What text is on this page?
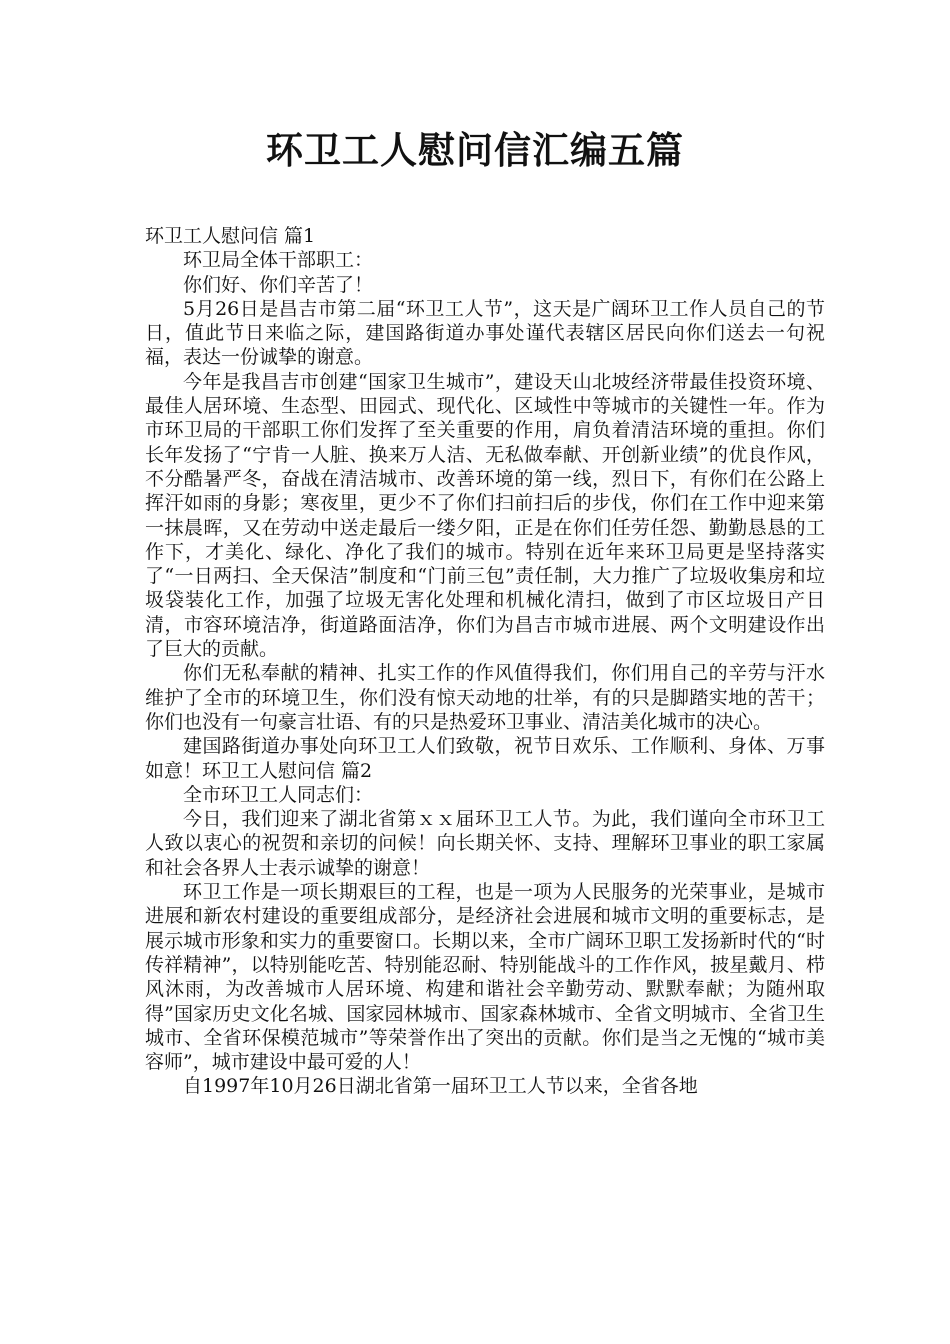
环卫工人慰问信汇编五篇

环卫工人慰问信 篇1

环卫局全体干部职工：

你们好、你们辛苦了！

5月26日是昌吉市第二届“环卫工人节”，这天是广阔环卫工作人员自己的节日，值此节日来临之际，建国路街道办事处谨代表辖区居民向你们送去一句祝福，表达一份诚挚的谢意。

今年是我昌吉市创建“国家卫生城市”，建设天山北坡经济带最佳投资环境、最佳人居环境、生态型、田园式、现代化、区域性中等城市的关键性一年。作为市环卫局的干部职工你们发挥了至关重要的作用，肩负着清洁环境的重担。你们长年发扬了“宁肯一人脏、换来万人洁、无私做奉献、开创新业绩”的优良作风，不分酷暑严冬，奋战在清洁城市、改善环境的第一线，烈日下，有你们在公路上挥汗如雨的身影；寒夜里，更少不了你们扫前扫后的步伐，你们在工作中迎来第一抹晨晖，又在劳动中送走最后一缕夕阳，正是在你们任劳任怨、勤勤恳恳的工作下，才美化、绿化、净化了我们的城市。特别在近年来环卫局更是坚持落实了“一日两扫、全天保洁”制度和“门前三包”责任制，大力推广了垃圾收集房和垃圾袋装化工作，加强了垃圾无害化处理和机械化清扫，做到了市区垃圾日产日清，市容环境洁净，街道路面洁净，你们为昌吉市城市进展、两个文明建设作出了巨大的贡献。

你们无私奉献的精神、扎实工作的作风值得我们，你们用自己的辛劳与汗水维护了全市的环境卫生，你们没有惊天动地的壮举，有的只是脚踏实地的苦干；你们也没有一句豪言壮语、有的只是热爱环卫事业、清洁美化城市的决心。

建国路街道办事处向环卫工人们致敬，祝节日欢乐、工作顺利、身体、万事如意！环卫工人慰问信 篇2

全市环卫工人同志们：

今日，我们迎来了湖北省第ｘｘ届环卫工人节。为此，我们谨向全市环卫工人致以衷心的祝贺和亲切的问候！向长期关怀、支持、理解环卫事业的职工家属和社会各界人士表示诚挚的谢意！

环卫工作是一项长期艰巨的工程，也是一项为人民服务的光荣事业，是城市进展和新农村建设的重要组成部分，是经济社会进展和城市文明的重要标志，是展示城市形象和实力的重要窗口。长期以来，全市广阔环卫职工发扬新时代的“时传祥精神”，以特别能吃苦、特别能忍耐、特别能战斗的工作作风，披星戴月、栉风沐雨，为改善城市人居环境、构建和谐社会辛勤劳动、默默奉献；为随州取得”国家历史文化名城、国家园林城市、国家森林城市、全省文明城市、全省卫生城市、全省环保模范城市”等荣誉作出了突出的贡献。你们是当之无愧的“城市美容师”，城市建设中最可爱的人！

自1997年10月26日湖北省第一届环卫工人节以来，全省各地
